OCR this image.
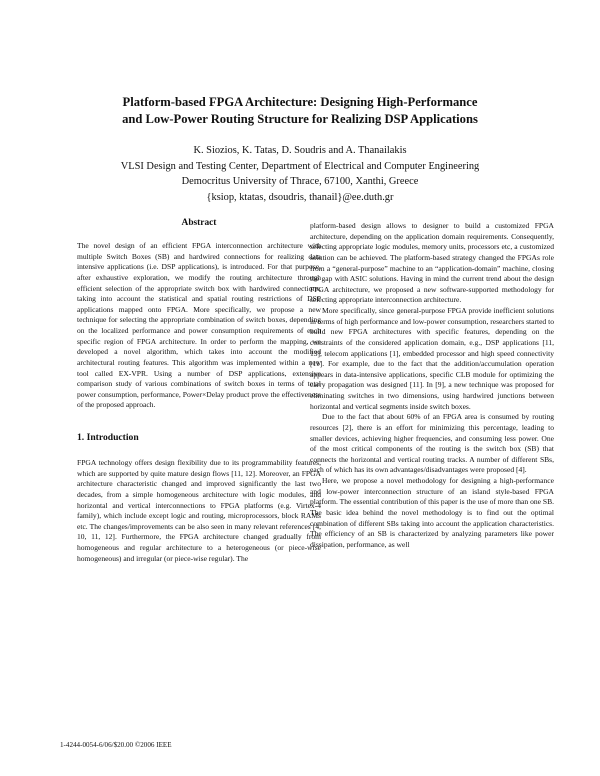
Platform-based FPGA Architecture: Designing High-Performance
and Low-Power Routing Structure for Realizing DSP Applications
K. Siozios, K. Tatas, D. Soudris and A. Thanailakis
VLSI Design and Testing Center, Department of Electrical and Computer Engineering
Democritus University of Thrace, 67100, Xanthi, Greece
{ksiop, ktatas, dsoudris, thanail}@ee.duth.gr
Abstract

The novel design of an efficient FPGA interconnection architecture with multiple Switch Boxes (SB) and hardwired connections for realizing data intensive applications (i.e. DSP applications), is introduced. For that purpose, after exhaustive exploration, we modify the routing architecture through efficient selection of the appropriate switch box with hardwired connections, taking into account the statistical and spatial routing restrictions of DSP applications mapped onto FPGA. More specifically, we propose a new technique for selecting the appropriate combination of switch boxes, depending on the localized performance and power consumption requirements of each specific region of FPGA architecture. In order to perform the mapping, we developed a novel algorithm, which takes into account the modified architectural routing features. This algorithm was implemented within a new tool called EX-VPR. Using a number of DSP applications, extensive comparison study of various combinations of switch boxes in terms of total power consumption, performance, Power×Delay product prove the effectiveness of the proposed approach.

1. Introduction

FPGA technology offers design flexibility due to its programmability features, which are supported by quite mature design flows [11, 12]. Moreover, an FPGA architecture characteristic changed and improved significantly the last two decades, from a simple homogeneous architecture with logic modules, and horizontal and vertical interconnections to FPGA platforms (e.g. Virtex-4 family), which include except logic and routing, microprocessors, block RAMs etc. The changes/improvements can be also seen in many relevant references [4, 10, 11, 12]. Furthermore, the FPGA architecture changed gradually from homogeneous and regular architecture to a heterogeneous (or piece-wise homogeneous) and irregular (or piece-wise regular). The

platform-based design allows to designer to build a customized FPGA architecture, depending on the application domain requirements. Consequently, selecting appropriate logic modules, memory units, processors etc, a customized solution can be achieved. The platform-based strategy changed the FPGAs role from a “general-purpose” machine to an “application-domain” machine, closing the gap with ASIC solutions. Having in mind the current trend about the design FPGA architecture, we proposed a new software-supported methodology for selecting appropriate interconnection architecture.

More specifically, since general-purpose FPGA provide inefficient solutions in terms of high performance and low-power consumption, researchers started to build new FPGA architectures with specific features, depending on the constraints of the considered application domain, e.g., DSP applications [11, 13], telecom applications [1], embedded processor and high speed connectivity [11]. For example, due to the fact that the addition/accumulation operation appears in data-intensive applications, specific CLB module for optimizing the carry propagation was designed [11]. In [9], a new technique was proposed for eliminating switches in two dimensions, using hardwired junctions between horizontal and vertical segments inside switch boxes.

Due to the fact that about 60% of an FPGA area is consumed by routing resources [2], there is an effort for minimizing this percentage, leading to smaller devices, achieving higher frequencies, and consuming less power. One of the most critical components of the routing is the switch box (SB) that connects the horizontal and vertical routing tracks. A number of different SBs, each of which has its own advantages/disadvantages were proposed [4].

Here, we propose a novel methodology for designing a high-performance and low-power interconnection structure of an island style-based FPGA platform. The essential contribution of this paper is the use of more than one SB. The basic idea behind the novel methodology is to find out the optimal combination of different SBs taking into account the application characteristics. The efficiency of an SB is characterized by analyzing parameters like power dissipation, performance, as well

1-4244-0054-6/06/$20.00 ©2006 IEEE
